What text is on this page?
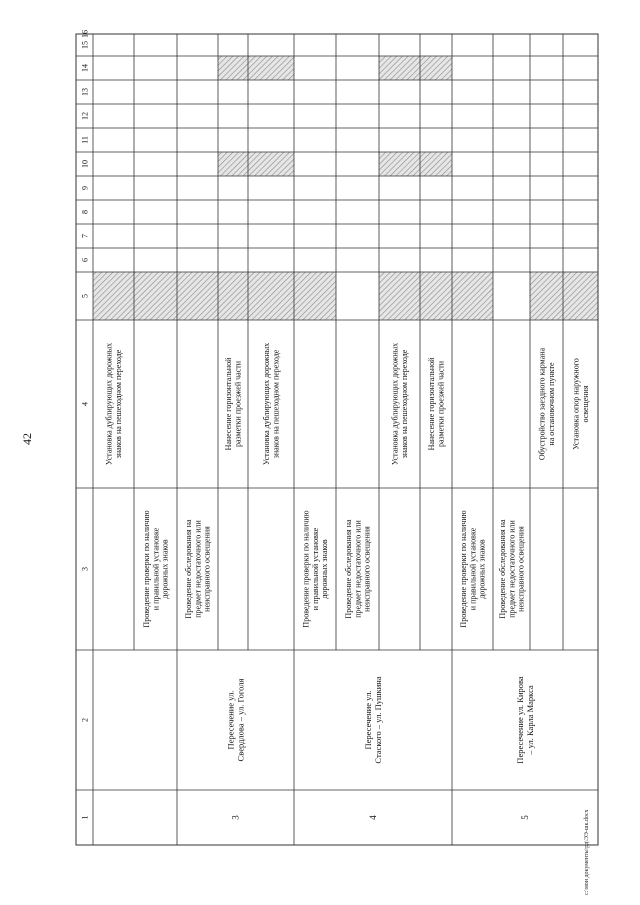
42
c:\мои документы\рд\ЭЭ-шк.docx
1
2
3
4
5
6
7
8
9
10
11
12
13
14
15
16
Установка дублирующих дорожныхзнаков на пешеходном переходе
Проведение проверки по наличиюи правильной установкедорожных знаков Проведение обследования напредмет недостаточного илинеисправного освещения
Нанесение горизонтальнойразметки проезжей части Установка дублирующих дорожныхзнаков на пешеходном переходе
Проведение проверки по наличиюи правильной установкедорожных знаков Проведение обследования напредмет недостаточного илинеисправного освещения
Установка дублирующих дорожныхзнаков на пешеходном переходе Нанесение горизонтальнойразметки проезжей части
Проведение проверки по наличиюи правильной установкедорожных знаков Проведение обследования напредмет недостаточного илинеисправного освещения
Обустройство заездного карманана остановочном пункте Установка опор наружногоосвещения
3
Пересечение ул.Свердлова – ул. Гоголя
4
Пересечение ул.Стаского – ул. Пушкина
5
Пересечение ул. Кирова– ул. Карла Маркса
